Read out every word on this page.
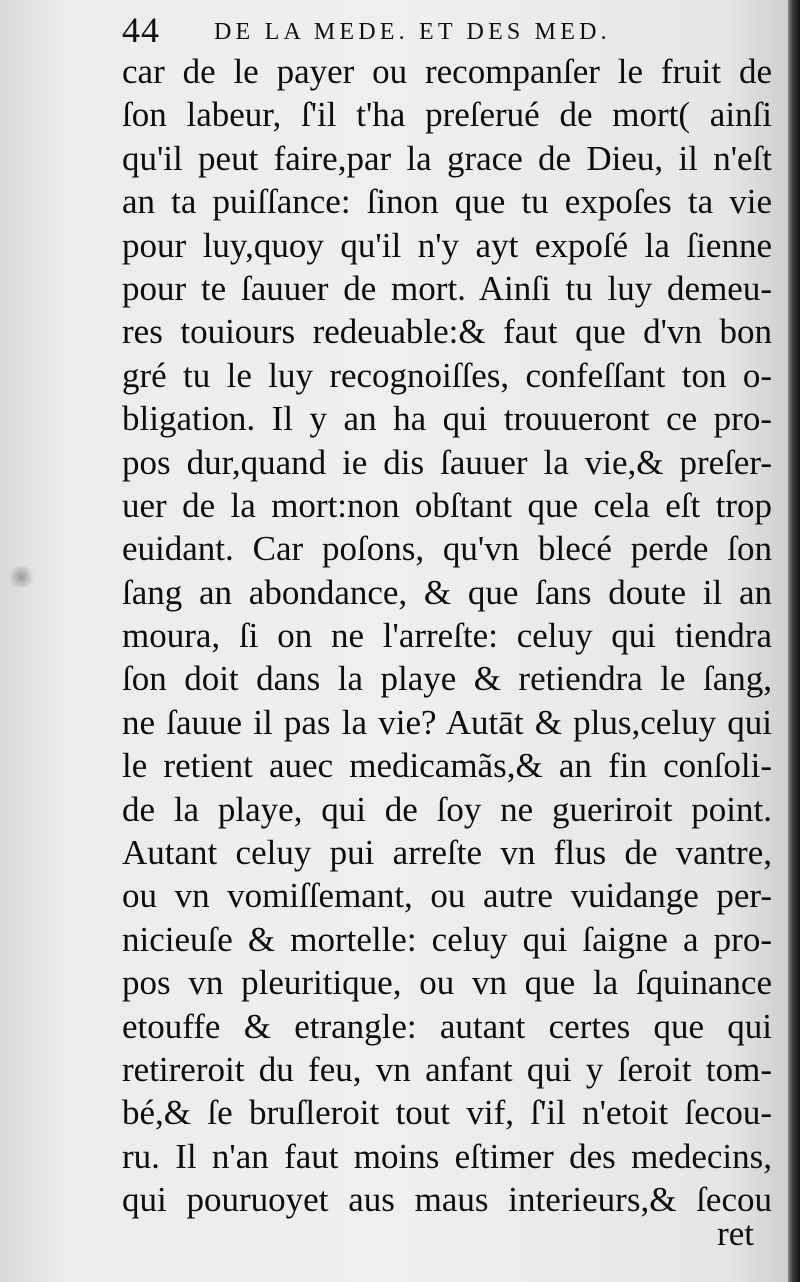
44 DE LA MEDE. ET DES MED.
car de le payer ou recompanſer le fruit de
ſon labeur, ſ'il t'ha preſerué de mort( ainſi
qu'il peut faire,par la grace de Dieu, il n'eſt
an ta puiſſance: ſinon que tu expoſes ta vie
pour luy,quoy qu'il n'y ayt expoſé la ſienne
pour te ſauuer de mort. Ainſi tu luy demeu-
res touiours redeuable:& faut que d'vn bon
gré tu le luy recognoiſſes, confeſſant ton o-
bligation. Il y an ha qui trouueront ce pro-
pos dur,quand ie dis ſauuer la vie,& preſer-
uer de la mort:non obſtant que cela eſt trop
euidant. Car poſons, qu'vn blecé perde ſon
ſang an abondance, & que ſans doute il an
moura, ſi on ne l'arreſte: celuy qui tiendra
ſon doit dans la playe & retiendra le ſang,
ne ſauue il pas la vie? Autāt & plus,celuy qui
le retient auec medicamãs,& an fin conſoli-
de la playe, qui de ſoy ne gueriroit point.
Autant celuy pui arreſte vn flus de vantre,
ou vn vomiſſemant, ou autre vuidange per-
nicieuſe & mortelle: celuy qui ſaigne a pro-
pos vn pleuritique, ou vn que la ſquinance
etouffe & etrangle: autant certes que qui
retireroit du feu, vn anfant qui y ſeroit tom-
bé,& ſe bruſleroit tout vif, ſ'il n'etoit ſecou-
ru. Il n'an faut moins eſtimer des medecins,
qui pouruoyet aus maus interieurs,& ſecou
ret
